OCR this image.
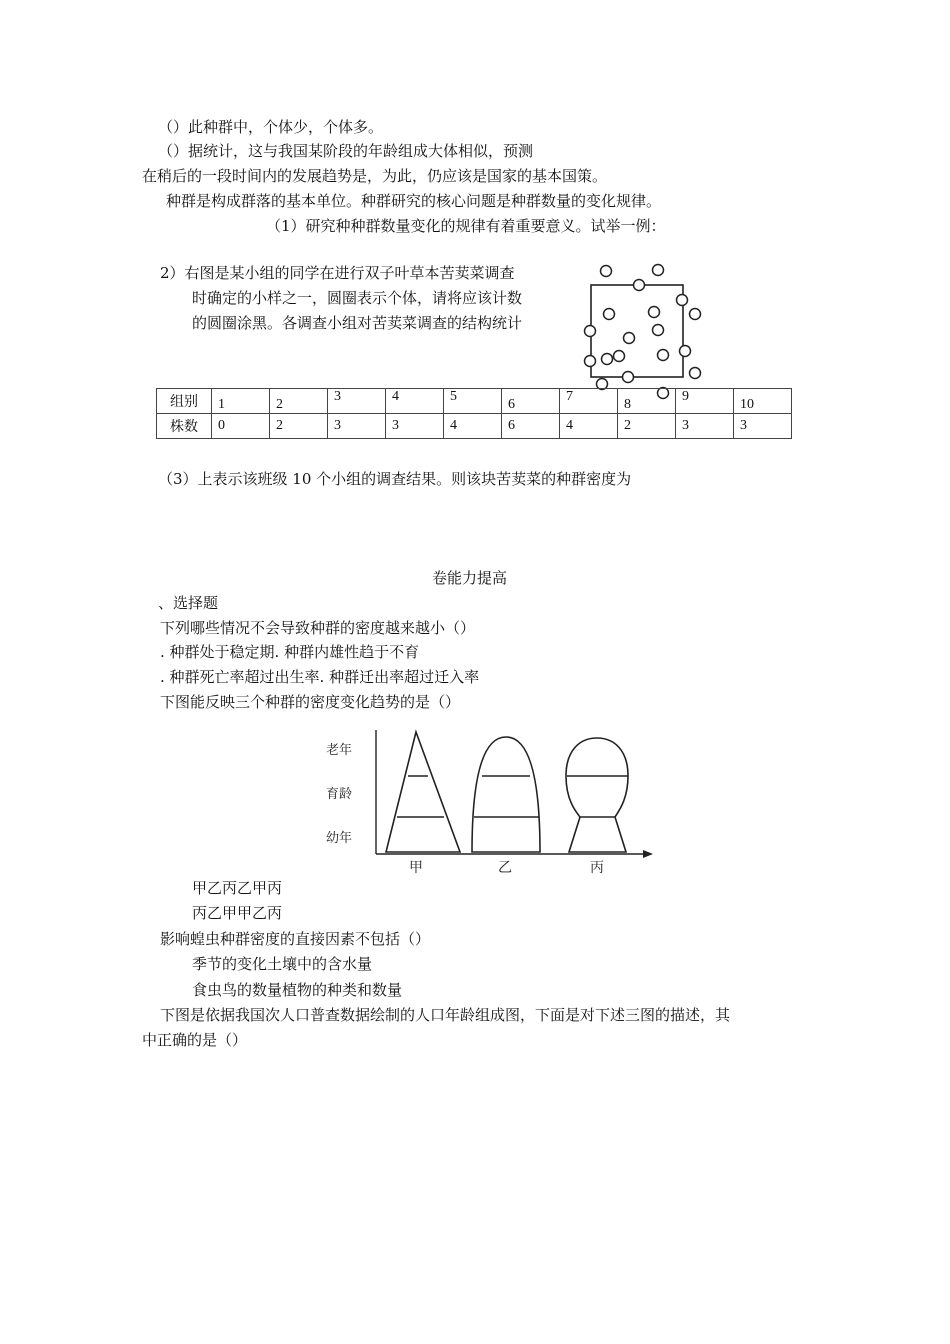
（）此种群中，个体少，个体多。
（）据统计，这与我国某阶段的年龄组成大体相似，预测
在稍后的一段时间内的发展趋势是，为此，仍应该是国家的基本国策。
种群是构成群落的基本单位。种群研究的核心问题是种群数量的变化规律。
（1）研究种种群数量变化的规律有着重要意义。试举一例：
2）右图是某小组的同学在进行双子叶草本苦荬菜调查
时确定的小样之一，圆圈表示个体，请将应该计数
的圆圈涂黑。各调查小组对苦荬菜调查的结构统计
组别	1	2	3	4	5	6	7	8	9	10
株数	0	2	3	3	4	6	4	2	3	3
（3）上表示该班级 10 个小组的调查结果。则该块苦荬菜的种群密度为
卷能力提高
、选择题
下列哪些情况不会导致种群的密度越来越小（）
. 种群处于稳定期. 种群内雄性趋于不育
. 种群死亡率超过出生率. 种群迁出率超过迁入率
下图能反映三个种群的密度变化趋势的是（）
老年
育龄
幼年
甲	乙	丙
甲乙丙乙甲丙
丙乙甲甲乙丙
影响蝗虫种群密度的直接因素不包括（）
季节的变化土壤中的含水量
食虫鸟的数量植物的种类和数量
下图是依据我国次人口普查数据绘制的人口年龄组成图，下面是对下述三图的描述，其
中正确的是（）
